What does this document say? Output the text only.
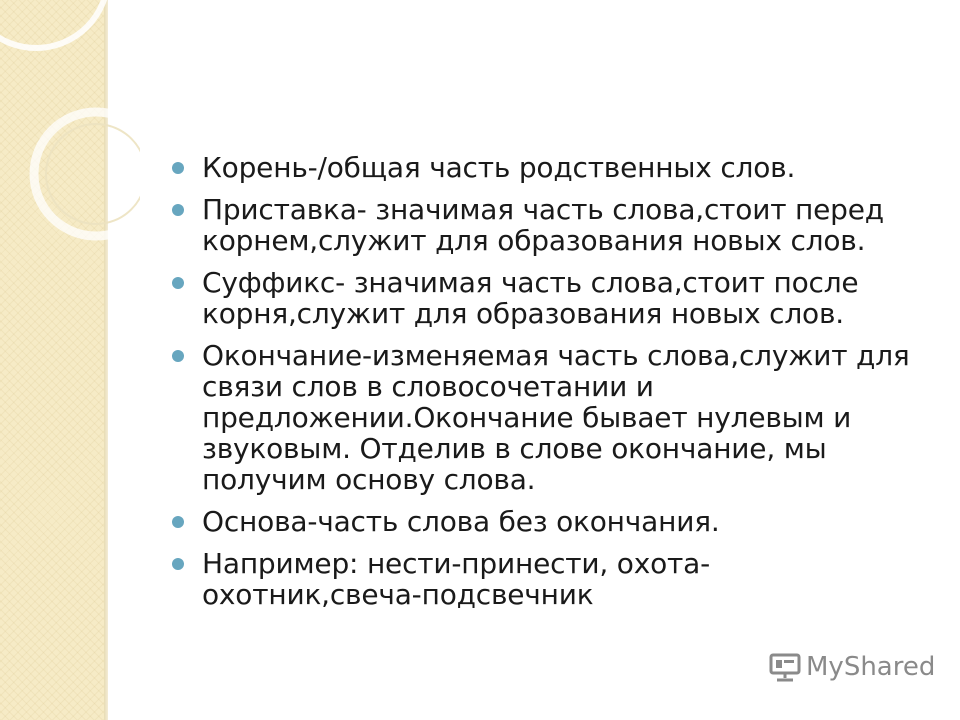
Корень-/общая часть родственных слов.
Приставка- значимая часть слова,стоит перед корнем,служит для образования новых слов.
Суффикс- значимая часть слова,стоит после корня,служит для образования новых слов.
Окончание-изменяемая часть слова,служит для связи слов в словосочетании и предложении.Окончание бывает нулевым и звуковым. Отделив в слове окончание, мы получим основу слова.
Основа-часть слова без окончания.
Например: нести-принести, охота-охотник,свеча-подсвечник
MyShared
